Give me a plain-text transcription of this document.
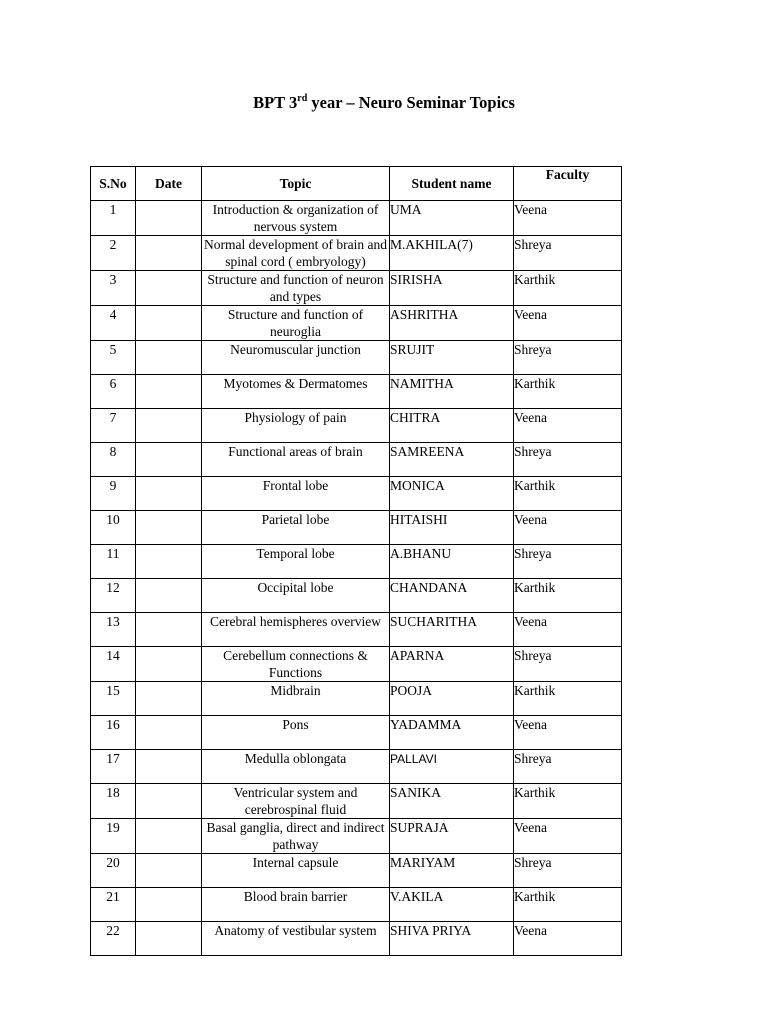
BPT 3rd year – Neuro Seminar Topics
S.No	Date	Topic	Student name	Faculty
1		Introduction & organization of nervous system	UMA	Veena
2		Normal development of brain and spinal cord ( embryology)	M.AKHILA(7)	Shreya
3		Structure and function of neuron and types	SIRISHA	Karthik
4		Structure and function of neuroglia	ASHRITHA	Veena
5		Neuromuscular junction	SRUJIT	Shreya
6		Myotomes & Dermatomes	NAMITHA	Karthik
7		Physiology of pain	CHITRA	Veena
8		Functional areas of brain	SAMREENA	Shreya
9		Frontal lobe	MONICA	Karthik
10		Parietal lobe	HITAISHI	Veena
11		Temporal lobe	A.BHANU	Shreya
12		Occipital lobe	CHANDANA	Karthik
13		Cerebral hemispheres overview	SUCHARITHA	Veena
14		Cerebellum connections & Functions	APARNA	Shreya
15		Midbrain	POOJA	Karthik
16		Pons	YADAMMA	Veena
17		Medulla oblongata	PALLAVI	Shreya
18		Ventricular system and cerebrospinal fluid	SANIKA	Karthik
19		Basal ganglia, direct and indirect pathway	SUPRAJA	Veena
20		Internal capsule	MARIYAM	Shreya
21		Blood brain barrier	V.AKILA	Karthik
22		Anatomy of vestibular system	SHIVA PRIYA	Veena
